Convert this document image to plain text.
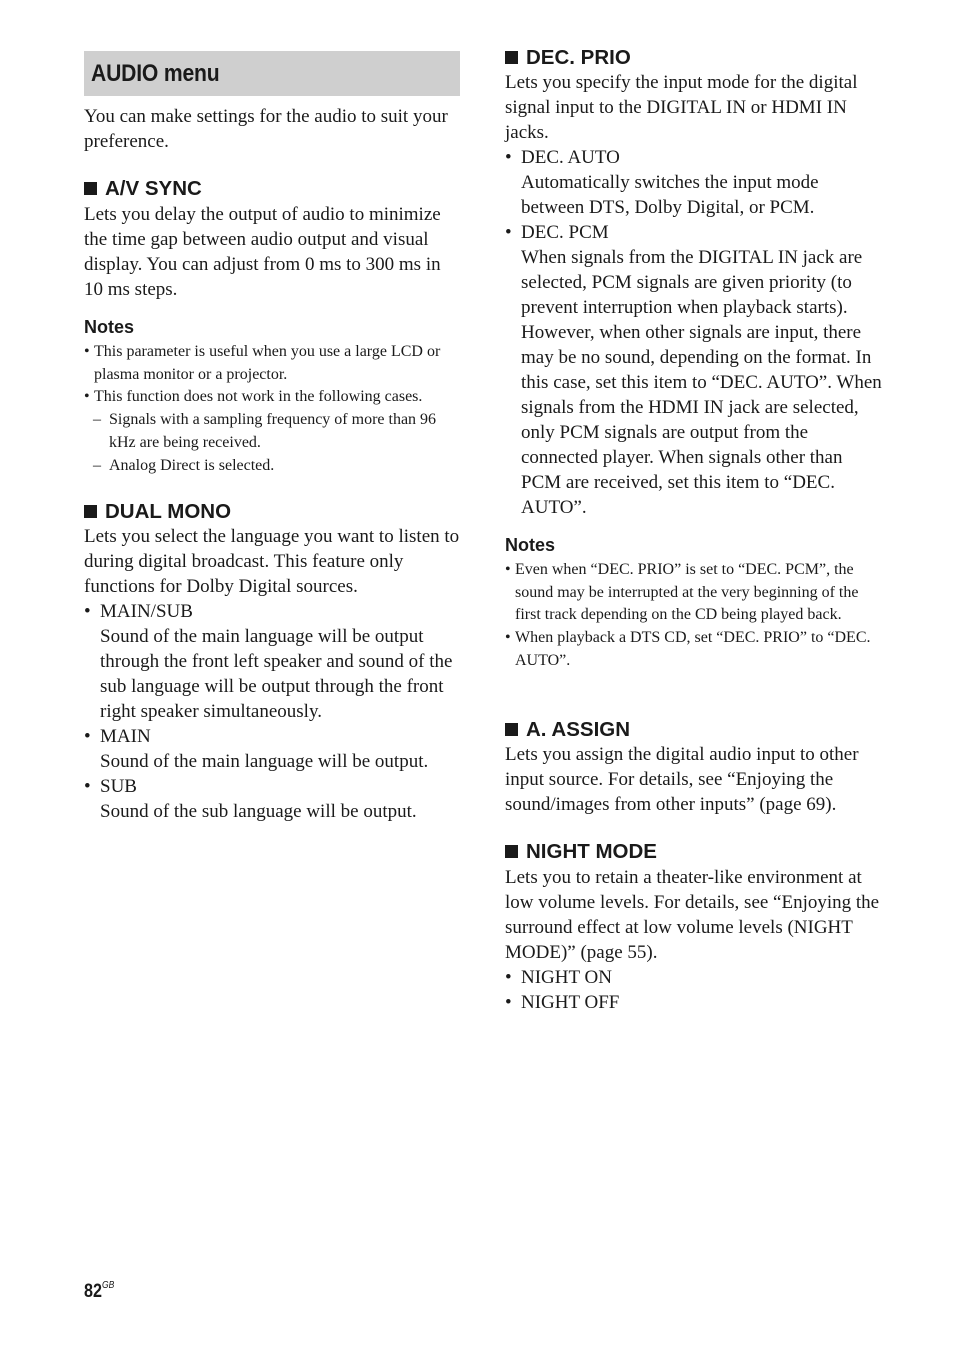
AUDIO menu

You can make settings for the audio to suit your preference.

A/V SYNC

Lets you delay the output of audio to minimize the time gap between audio output and visual display. You can adjust from 0 ms to 300 ms in 10 ms steps.

Notes

• This parameter is useful when you use a large LCD or plasma monitor or a projector.

• This function does not work in the following cases.

– Signals with a sampling frequency of more than 96 kHz are being received.

– Analog Direct is selected.

DUAL MONO

Lets you select the language you want to listen to during digital broadcast. This feature only functions for Dolby Digital sources.

• MAIN/SUB

Sound of the main language will be output through the front left speaker and sound of the sub language will be output through the front right speaker simultaneously.

• MAIN

Sound of the main language will be output.

• SUB

Sound of the sub language will be output.

DEC. PRIO

Lets you specify the input mode for the digital signal input to the DIGITAL IN or HDMI IN jacks.

• DEC. AUTO

Automatically switches the input mode between DTS, Dolby Digital, or PCM.

• DEC. PCM

When signals from the DIGITAL IN jack are selected, PCM signals are given priority (to prevent interruption when playback starts). However, when other signals are input, there may be no sound, depending on the format. In this case, set this item to “DEC. AUTO”. When signals from the HDMI IN jack are selected, only PCM signals are output from the connected player. When signals other than PCM are received, set this item to “DEC. AUTO”.

Notes

• Even when “DEC. PRIO” is set to “DEC. PCM”, the sound may be interrupted at the very beginning of the first track depending on the CD being played back.

• When playback a DTS CD, set “DEC. PRIO” to “DEC. AUTO”.

A. ASSIGN

Lets you assign the digital audio input to other input source. For details, see “Enjoying the sound/images from other inputs” (page 69).

NIGHT MODE

Lets you to retain a theater-like environment at low volume levels. For details, see “Enjoying the surround effect at low volume levels (NIGHT MODE)” (page 55).

• NIGHT ON

• NIGHT OFF

$82^{GB}$
